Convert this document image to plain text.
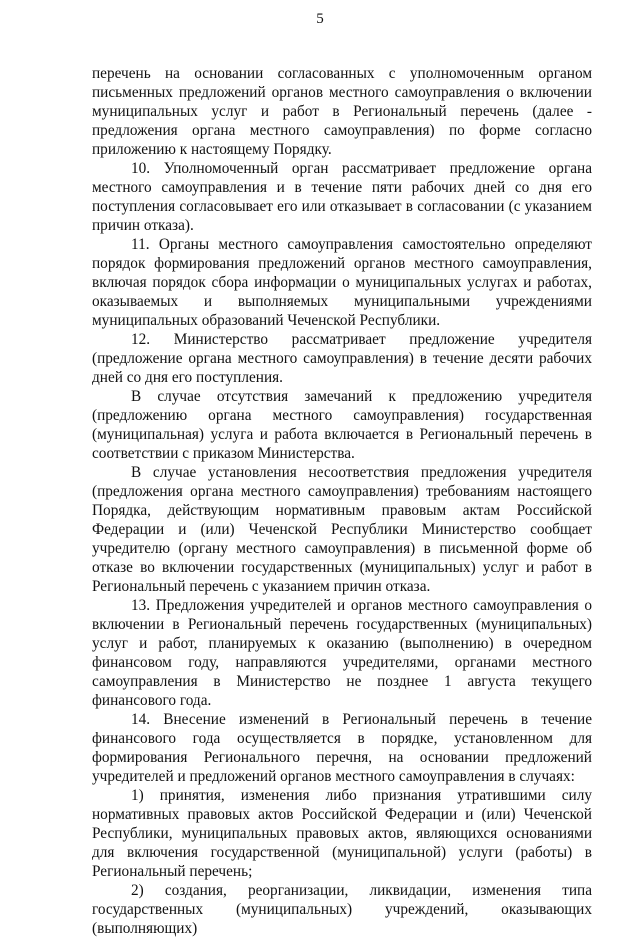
5

перечень на основании согласованных с уполномоченным органом письменных предложений органов местного самоуправления о включении муниципальных услуг и работ в Региональный перечень (далее - предложения органа местного самоуправления) по форме согласно приложению к настоящему Порядку.

10. Уполномоченный орган рассматривает предложение органа местного самоуправления и в течение пяти рабочих дней со дня его поступления согласовывает его или отказывает в согласовании (с указанием причин отказа).

11. Органы местного самоуправления самостоятельно определяют порядок формирования предложений органов местного самоуправления, включая порядок сбора информации о муниципальных услугах и работах, оказываемых и выполняемых муниципальными учреждениями муниципальных образований Чеченской Республики.

12. Министерство рассматривает предложение учредителя (предложение органа местного самоуправления) в течение десяти рабочих дней со дня его поступления.

В случае отсутствия замечаний к предложению учредителя (предложению органа местного самоуправления) государственная (муниципальная) услуга и работа включается в Региональный перечень в соответствии с приказом Министерства.

В случае установления несоответствия предложения учредителя (предложения органа местного самоуправления) требованиям настоящего Порядка, действующим нормативным правовым актам Российской Федерации и (или) Чеченской Республики Министерство сообщает учредителю (органу местного самоуправления) в письменной форме об отказе во включении государственных (муниципальных) услуг и работ в Региональный перечень с указанием причин отказа.

13. Предложения учредителей и органов местного самоуправления о включении в Региональный перечень государственных (муниципальных) услуг и работ, планируемых к оказанию (выполнению) в очередном финансовом году, направляются учредителями, органами местного самоуправления в Министерство не позднее 1 августа текущего финансового года.

14. Внесение изменений в Региональный перечень в течение финансового года осуществляется в порядке, установленном для формирования Регионального перечня, на основании предложений учредителей и предложений органов местного самоуправления в случаях:

1) принятия, изменения либо признания утратившими силу нормативных правовых актов Российской Федерации и (или) Чеченской Республики, муниципальных правовых актов, являющихся основаниями для включения государственной (муниципальной) услуги (работы) в Региональный перечень;

2) создания, реорганизации, ликвидации, изменения типа государственных (муниципальных) учреждений, оказывающих (выполняющих)
